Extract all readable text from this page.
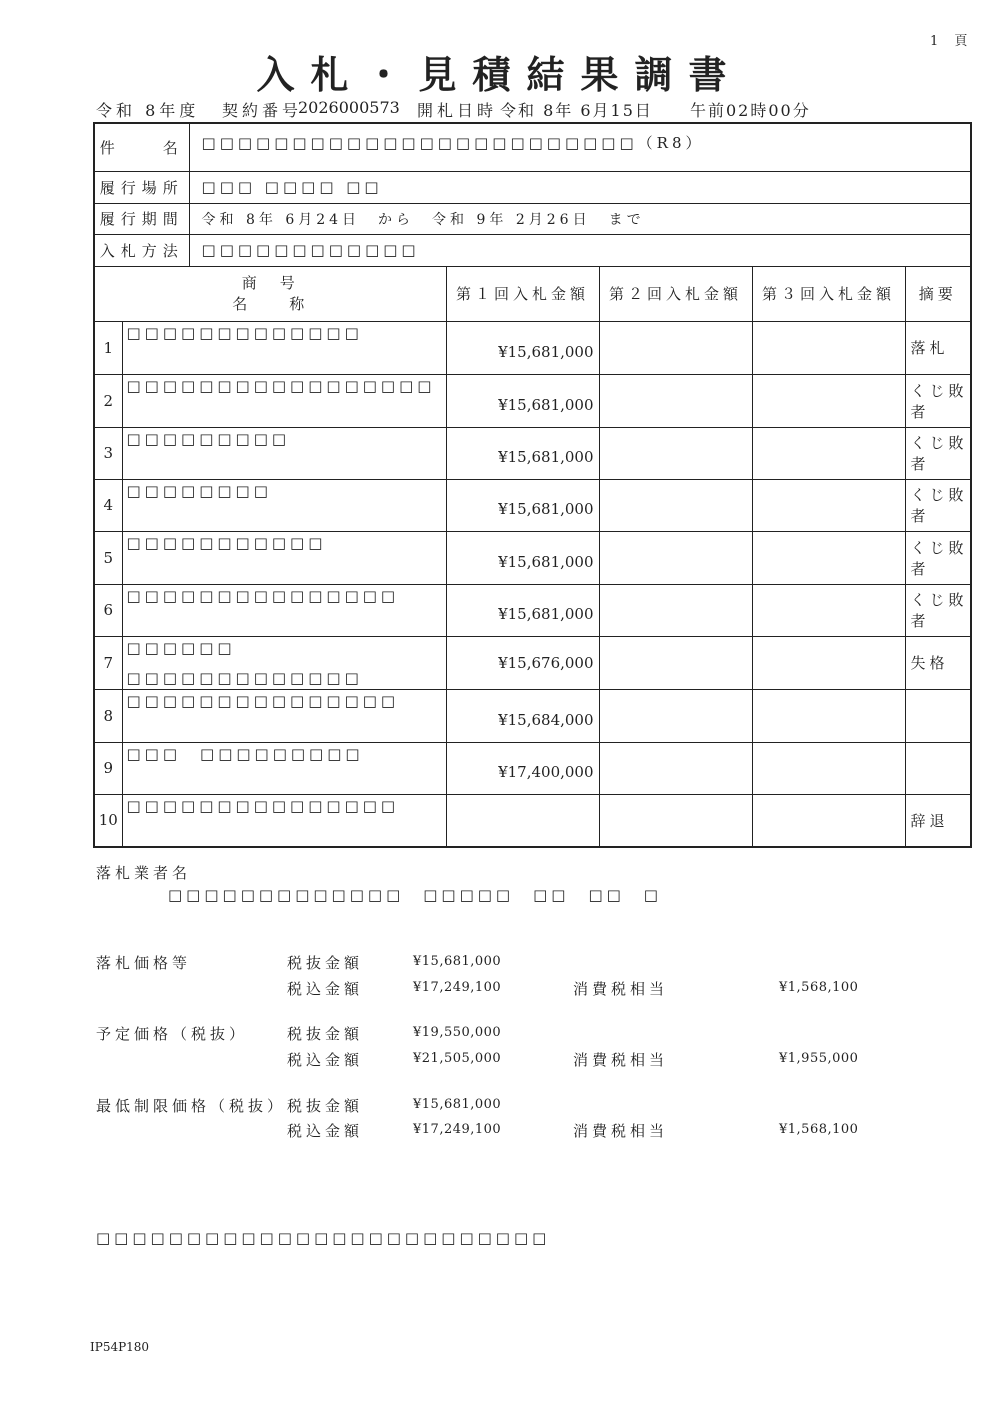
1 頁
入札・見積結果調書
令和 8年度 契約番号
2026000573 開札日時 令和 8年 6月15日 午前02時00分
件　　名		□□□□□□□□□□□□□□□□□□□□□□□□（R8）				
履行場所		□□□ □□□□ □□				
履行期間		令和 8年 6月24日　から　令和 9年 2月26日　まで				
入札方法		□□□□□□□□□□□□				

商　号
名　　称			第１回入札金額	第２回入札金額	第３回入札金額	摘要
1	□□□□□□□□□□□□□		¥15,681,000			落札
2	□□□□□□□□□□□□□□□□□		¥15,681,000			くじ敗者
3	□□□□□□□□□		¥15,681,000			くじ敗者
4	□□□□□□□□		¥15,681,000			くじ敗者
5	□□□□□□□□□□□		¥15,681,000			くじ敗者
6	□□□□□□□□□□□□□□□		¥15,681,000			くじ敗者
7	□□□□□□
□□□□□□□□□□□□□		¥15,676,000			失格
8	□□□□□□□□□□□□□□□		¥15,684,000			
9	□□□　□□□□□□□□□		¥17,400,000			
10	□□□□□□□□□□□□□□□					辞退
落札業者名
□□□□□□□□□□□□□　□□□□□　□□　□□　□
落札価格等	税抜金額	¥15,681,000
税込金額	¥17,249,100	消費税相当	¥1,568,100
予定価格（税抜）	税抜金額	¥19,550,000
税込金額	¥21,505,000	消費税相当	¥1,955,000
最低制限価格（税抜） 税抜金額	¥15,681,000
税込金額	¥17,249,100	消費税相当	¥1,568,100
□□□□□□□□□□□□□□□□□□□□□□□□□
IP54P180
